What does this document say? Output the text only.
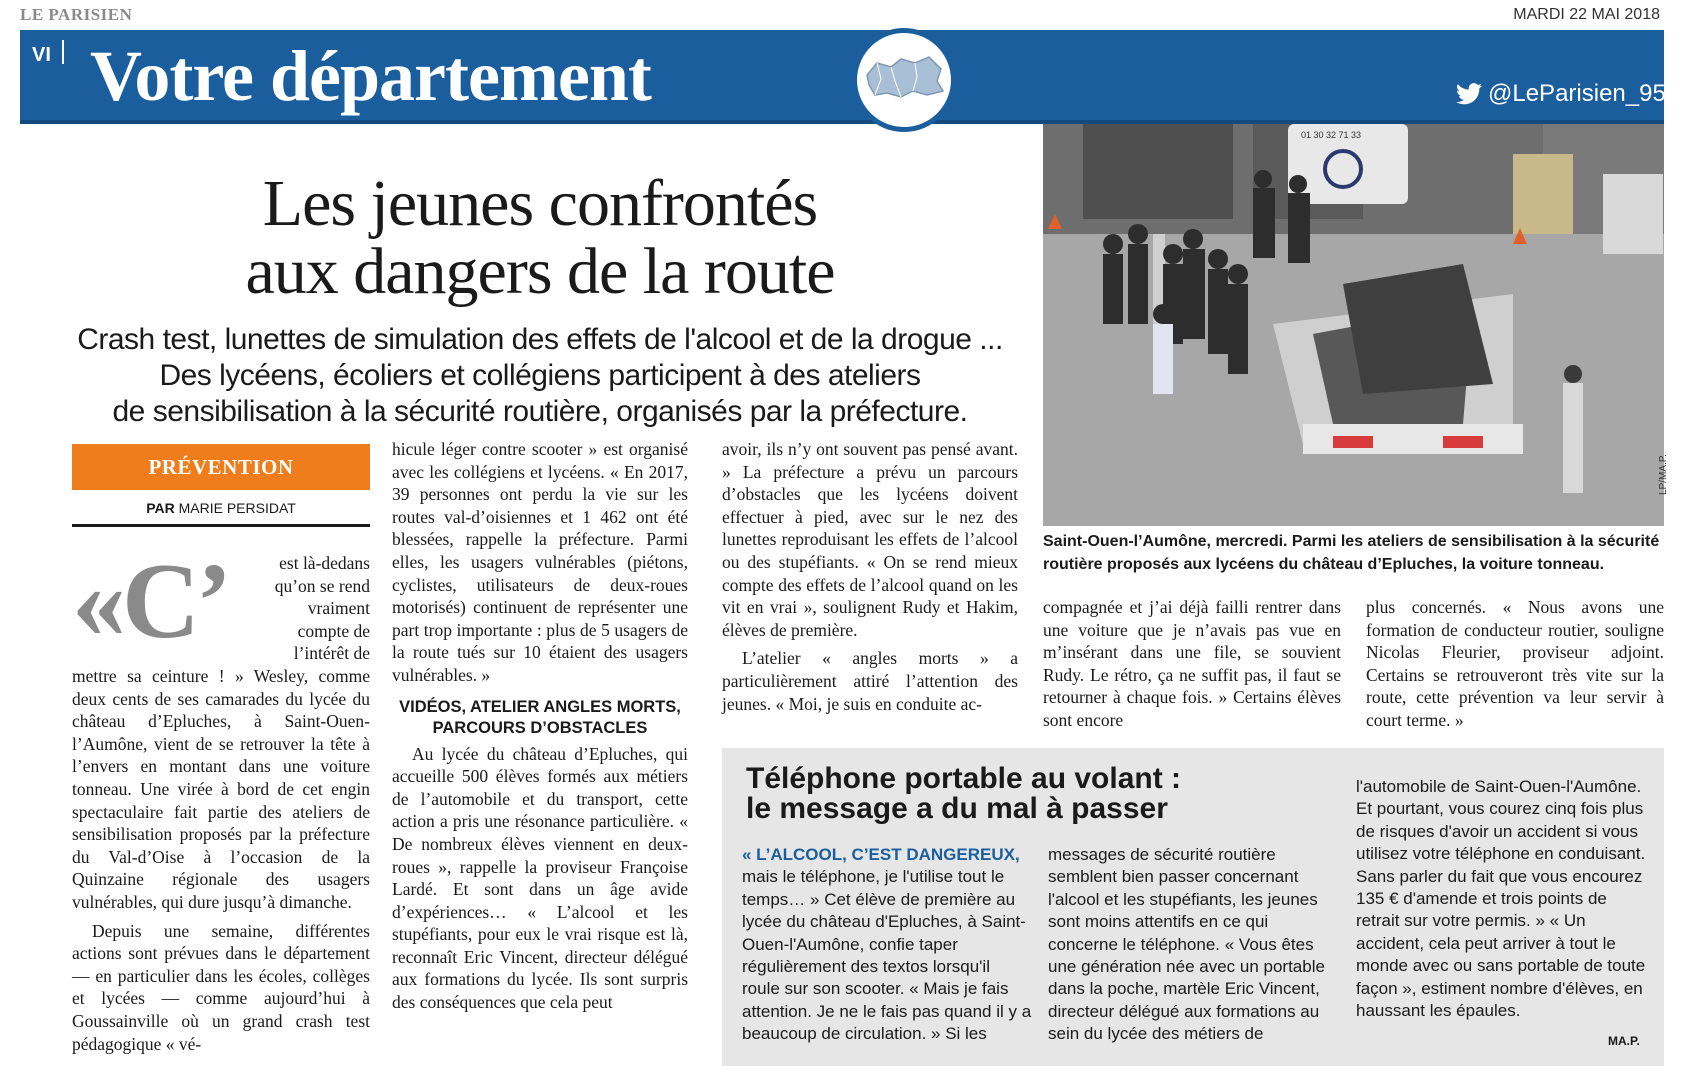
LE PARISIEN	MARDI 22 MAI 2018
VI Votre département	@LeParisien_95
Les jeunes confrontés
aux dangers de la route
Crash test, lunettes de simulation des effets de l'alcool et de la drogue ...
Des lycéens, écoliers et collégiens participent à des ateliers
de sensibilisation à la sécurité routière, organisés par la préfecture.
01 30 32 71 33
LP/MA.P.
Saint-Ouen-l’Aumône, mercredi. Parmi les ateliers de sensibilisation à la sécurité routière proposés aux lycéens du château d’Epluches, la voiture tonneau.
PRÉVENTION
PAR MARIE PERSIDAT
«C’	est là-dedans
qu’on se rend
vraiment
compte de
l’intérêt de

mettre sa ceinture ! » Wesley, comme deux cents de ses camarades du lycée du château d’Epluches, à Saint-Ouen-l’Aumône, vient de se retrouver la tête à l’envers en montant dans une voiture tonneau. Une virée à bord de cet engin spectaculaire fait partie des ateliers de sensibilisation proposés par la préfecture du Val-d’Oise à l’occasion de la Quinzaine régionale des usagers vulnérables, qui dure jusqu’à dimanche.

Depuis une semaine, différentes actions sont prévues dans le département — en particulier dans les écoles, collèges et lycées — comme aujourd’hui à Goussainville où un grand crash test pédagogique « vé-

hicule léger contre scooter » est organisé avec les collégiens et lycéens. « En 2017, 39 personnes ont perdu la vie sur les routes val-d’oisiennes et 1 462 ont été blessées, rappelle la préfecture. Parmi elles, les usagers vulnérables (piétons, cyclistes, utilisateurs de deux-roues motorisés) continuent de représenter une part trop importante : plus de 5 usagers de la route tués sur 10 étaient des usagers vulnérables. »

VIDÉOS, ATELIER ANGLES MORTS, PARCOURS D’OBSTACLES

Au lycée du château d’Epluches, qui accueille 500 élèves formés aux métiers de l’automobile et du transport, cette action a pris une résonance particulière. « De nombreux élèves viennent en deux-roues », rappelle la proviseur Françoise Lardé. Et sont dans un âge avide d’expériences… « L’alcool et les stupéfiants, pour eux le vrai risque est là, reconnaît Eric Vincent, directeur délégué aux formations du lycée. Ils sont surpris des conséquences que cela peut

avoir, ils n’y ont souvent pas pensé avant. » La préfecture a prévu un parcours d’obstacles que les lycéens doivent effectuer à pied, avec sur le nez des lunettes reproduisant les effets de l’alcool ou des stupéfiants. « On se rend mieux compte des effets de l’alcool quand on les vit en vrai », soulignent Rudy et Hakim, élèves de première.

L’atelier « angles morts » a particulièrement attiré l’attention des jeunes. « Moi, je suis en conduite ac-

compagnée et j’ai déjà failli rentrer dans une voiture que je n’avais pas vue en m’insérant dans une file, se souvient Rudy. Le rétro, ça ne suffit pas, il faut se retourner à chaque fois. » Certains élèves sont encore

plus concernés. « Nous avons une formation de conducteur routier, souligne Nicolas Fleurier, proviseur adjoint. Certains se retrouveront très vite sur la route, cette prévention va leur servir à court terme. »

Téléphone portable au volant :
le message a du mal à passer
« L’ALCOOL, C’EST DANGEREUX, mais le téléphone, je l'utilise tout le temps… » Cet élève de première au lycée du château d'Epluches, à Saint-Ouen-l'Aumône, confie taper régulièrement des textos lorsqu'il roule sur son scooter. « Mais je fais attention. Je ne le fais pas quand il y a beaucoup de circulation. » Si les
messages de sécurité routière semblent bien passer concernant l'alcool et les stupéfiants, les jeunes sont moins attentifs en ce qui concerne le téléphone. « Vous êtes une génération née avec un portable dans la poche, martèle Eric Vincent, directeur délégué aux formations au sein du lycée des métiers de
l'automobile de Saint-Ouen-l'Aumône. Et pourtant, vous courez cinq fois plus de risques d'avoir un accident si vous utilisez votre téléphone en conduisant. Sans parler du fait que vous encourez 135 € d'amende et trois points de retrait sur votre permis. » « Un accident, cela peut arriver à tout le monde avec ou sans portable de toute façon », estiment nombre d'élèves, en haussant les épaules.
MA.P.
